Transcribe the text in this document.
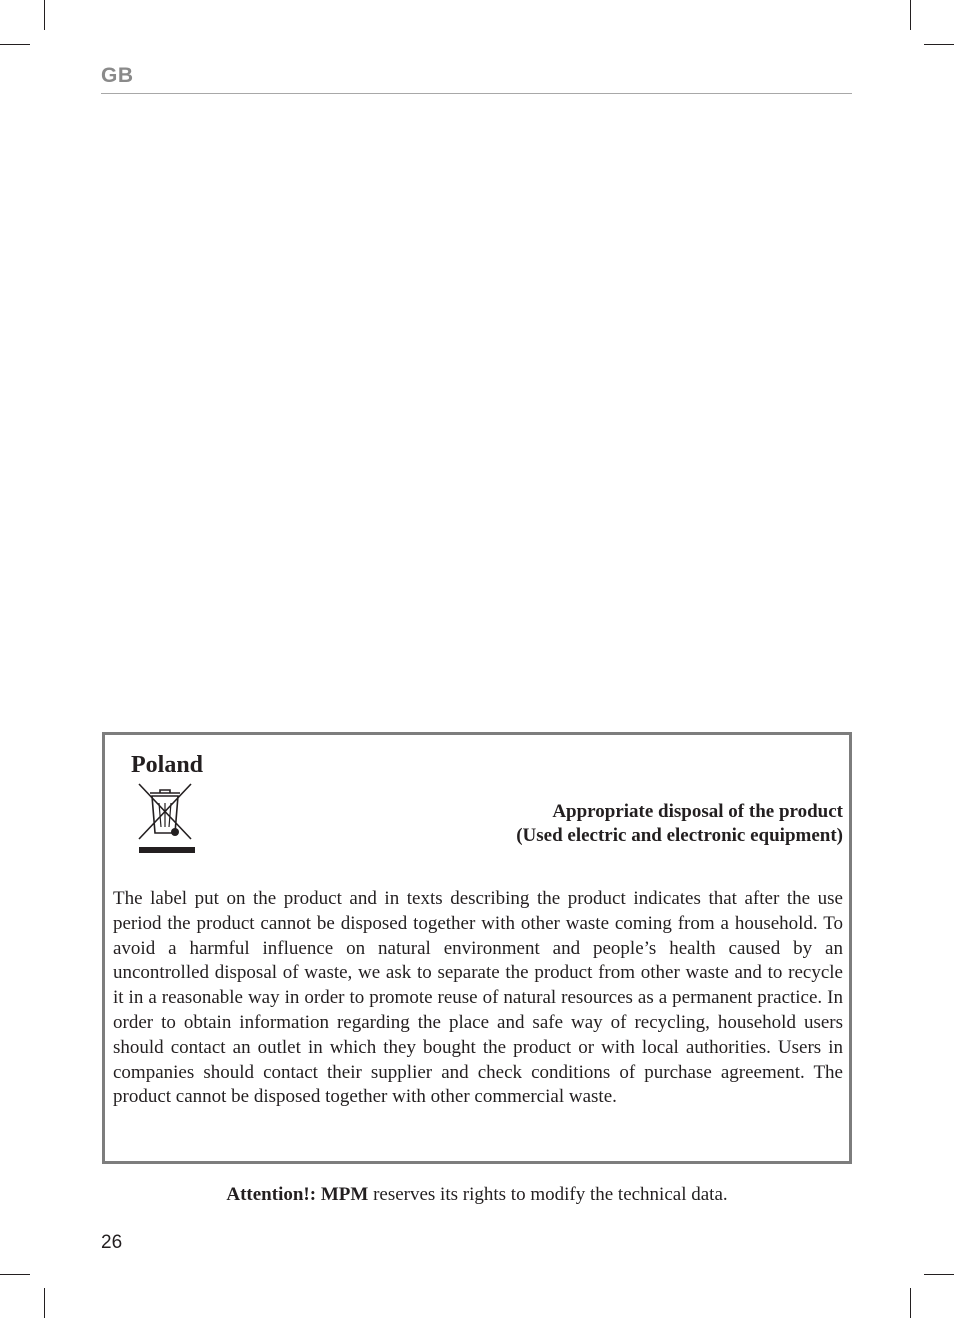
GB
Poland
Appropriate disposal of the product
(Used electric and electronic equipment)
The label put on the product and in texts describing the product indicates that after the use period the product cannot be disposed together with other waste coming from a household. To avoid a harmful influence on natural environment and people’s health caused by an uncontrolled disposal of waste, we ask to separate the product from other waste and to recycle it in a reasonable way in order to promote reuse of natural resources as a permanent practice. In order to obtain information regarding the place and safe way of recycling, household users should contact an outlet in which they bought the product or with local authorities. Users in companies should contact their supplier and check conditions of purchase agreement. The product cannot be disposed together with other commercial waste.
Attention!: MPM reserves its rights to modify the technical data.
26
